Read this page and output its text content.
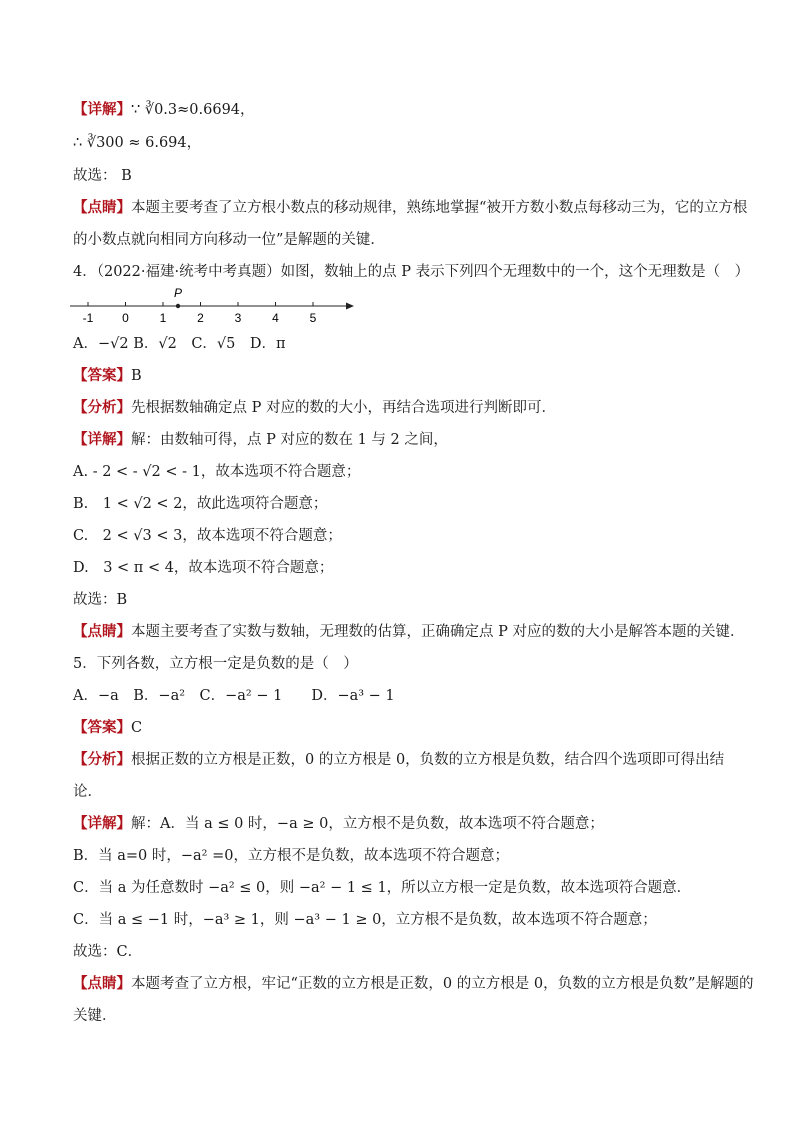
【详解】∵ ∛0.3≈0.6694，
∴ ∛300 ≈ 6.694，
故选： B
【点睛】本题主要考查了立方根小数点的移动规律，熟练地掌握“被开方数小数点每移动三为，它的立方根
的小数点就向相同方向移动一位”是解题的关键．
4．（2022·福建·统考中考真题）如图，数轴上的点 P 表示下列四个无理数中的一个，这个无理数是（　）
-1 0	1	2	3	4	5
P
A．−√2 B．√2　C．√5　D．π
【答案】B
【分析】先根据数轴确定点 P 对应的数的大小，再结合选项进行判断即可．
【详解】解：由数轴可得，点 P 对应的数在 1 与 2 之间，
A. - 2 < - √2 < - 1，故本选项不符合题意；
B.　1 < √2 < 2，故此选项符合题意；
C.　2 < √3 < 3，故本选项不符合题意；
D.　3 < π < 4，故本选项不符合题意；
故选：B
【点睛】本题主要考查了实数与数轴，无理数的估算，正确确定点 P 对应的数的大小是解答本题的关键．
5．下列各数，立方根一定是负数的是（　）
A．−a　B．−a²　C．−a² − 1　　D．−a³ − 1
【答案】C
【分析】根据正数的立方根是正数，0 的立方根是 0，负数的立方根是负数，结合四个选项即可得出结
论．
【详解】解：A．当 a ≤ 0 时，−a ≥ 0，立方根不是负数，故本选项不符合题意；
B．当 a=0 时，−a² =0，立方根不是负数，故本选项不符合题意；
C．当 a 为任意数时 −a² ≤ 0，则 −a² − 1 ≤ 1，所以立方根一定是负数，故本选项符合题意．
C．当 a ≤ −1 时，−a³ ≥ 1，则 −a³ − 1 ≥ 0，立方根不是负数，故本选项不符合题意；
故选：C．
【点睛】本题考查了立方根，牢记“正数的立方根是正数，0 的立方根是 0，负数的立方根是负数”是解题的
关键．
